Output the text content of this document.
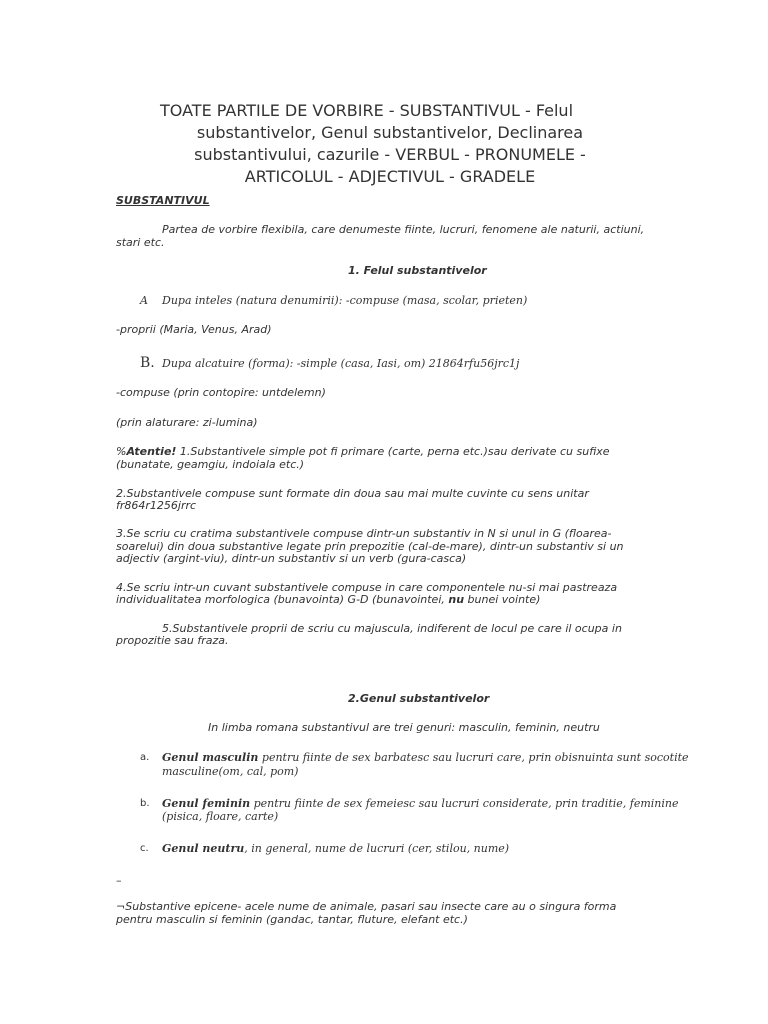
TOATE PARTILE DE VORBIRE - SUBSTANTIVUL - Felul
substantivelor, Genul substantivelor, Declinarea
substantivului, cazurile - VERBUL - PRONUMELE -
ARTICOLUL - ADJECTIVUL - GRADELE
SUBSTANTIVUL
Partea de vorbire flexibila, care denumeste fiinte, lucruri, fenomene ale naturii, actiuni,
stari etc.
1. Felul substantivelor
A Dupa inteles (natura denumirii): -compuse (masa, scolar, prieten)
-proprii (Maria, Venus, Arad)
B. Dupa alcatuire (forma): -simple (casa, Iasi, om) 21864rfu56jrc1j
-compuse (prin contopire: untdelemn)
(prin alaturare: zi-lumina)
%Atentie! 1.Substantivele simple pot fi primare (carte, perna etc.)sau derivate cu sufixe
(bunatate, geamgiu, indoiala etc.)
2.Substantivele compuse sunt formate din doua sau mai multe cuvinte cu sens unitar
fr864r1256jrrc
3.Se scriu cu cratima substantivele compuse dintr-un substantiv in N si unul in G (floarea-
soarelui) din doua substantive legate prin prepozitie (cal-de-mare), dintr-un substantiv si un
adjectiv (argint-viu), dintr-un substantiv si un verb (gura-casca)
4.Se scriu intr-un cuvant substantivele compuse in care componentele nu-si mai pastreaza
individualitatea morfologica (bunavointa) G-D (bunavointei, nu bunei vointe)
5.Substantivele proprii de scriu cu majuscula, indiferent de locul pe care il ocupa in
propozitie sau fraza.
2.Genul substantivelor
In limba romana substantivul are trei genuri: masculin, feminin, neutru
a. Genul masculin pentru fiinte de sex barbatesc sau lucruri care, prin obisnuinta sunt socotite
masculine(om, cal, pom)
b. Genul feminin pentru fiinte de sex femeiesc sau lucruri considerate, prin traditie, feminine
(pisica, floare, carte)
c. Genul neutru, in general, nume de lucruri (cer, stilou, nume)
–
¬Substantive epicene- acele nume de animale, pasari sau insecte care au o singura forma
pentru masculin si feminin (gandac, tantar, fluture, elefant etc.)
